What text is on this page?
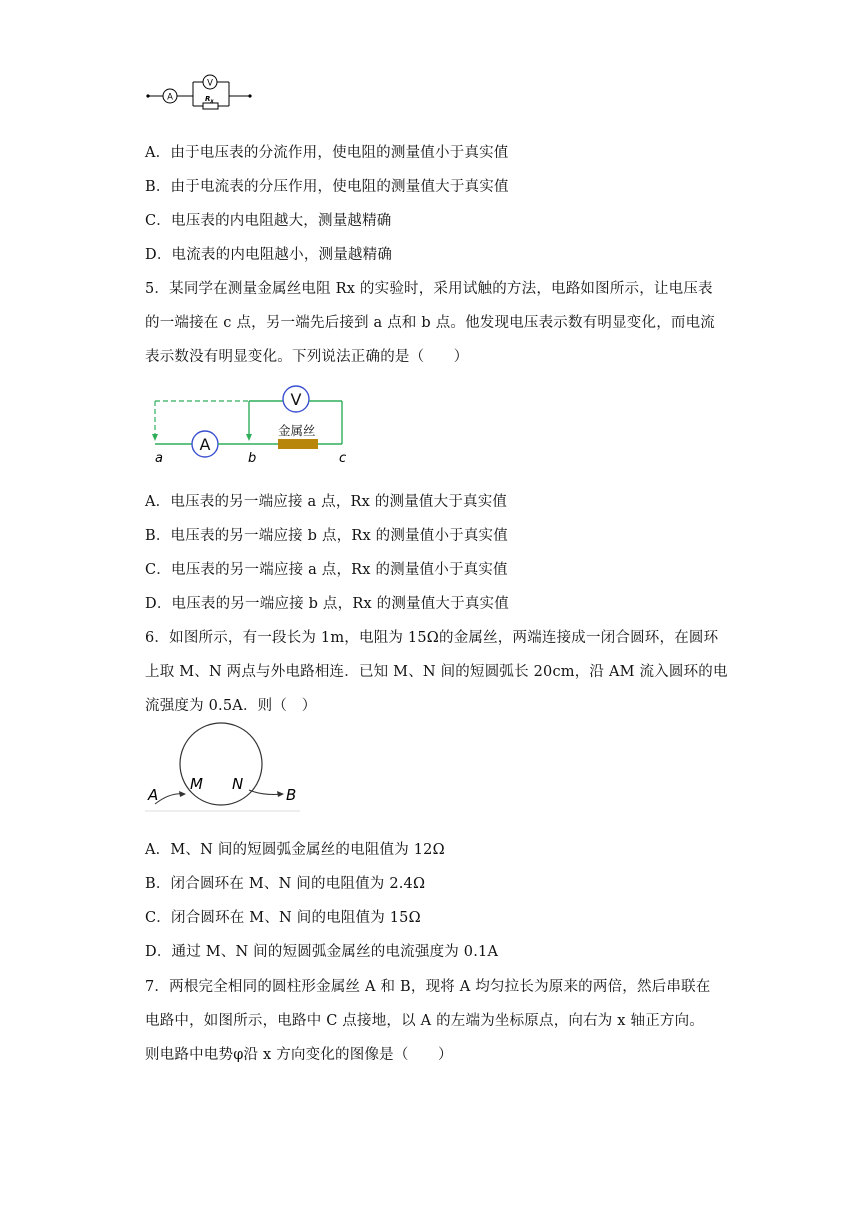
A
V
$R_x$
A．由于电压表的分流作用，使电阻的测量值小于真实值
B．由于电流表的分压作用，使电阻的测量值大于真实值
C．电压表的内电阻越大，测量越精确
D．电流表的内电阻越小，测量越精确
5．某同学在测量金属丝电阻 Rx 的实验时，采用试触的方法，电路如图所示，让电压表
的一端接在 c 点，另一端先后接到 a 点和 b 点。他发现电压表示数有明显变化，而电流
表示数没有明显变化。下列说法正确的是（　　）
V
A
金属丝
a	b	c
A．电压表的另一端应接 a 点，Rx 的测量值大于真实值
B．电压表的另一端应接 b 点，Rx 的测量值小于真实值
C．电压表的另一端应接 a 点，Rx 的测量值小于真实值
D．电压表的另一端应接 b 点，Rx 的测量值大于真实值
6．如图所示，有一段长为 1m，电阻为 15Ω的金属丝，两端连接成一闭合圆环，在圆环
上取 M、N 两点与外电路相连．已知 M、N 间的短圆弧长 20cm，沿 AM 流入圆环的电
流强度为 0.5A．则（　）
A
M N
B
A．M、N 间的短圆弧金属丝的电阻值为 12Ω
B．闭合圆环在 M、N 间的电阻值为 2.4Ω
C．闭合圆环在 M、N 间的电阻值为 15Ω
D．通过 M、N 间的短圆弧金属丝的电流强度为 0.1A
7．两根完全相同的圆柱形金属丝 A 和 B，现将 A 均匀拉长为原来的两倍，然后串联在
电路中，如图所示，电路中 C 点接地，以 A 的左端为坐标原点，向右为 x 轴正方向。
则电路中电势φ沿 x 方向变化的图像是（　　）
